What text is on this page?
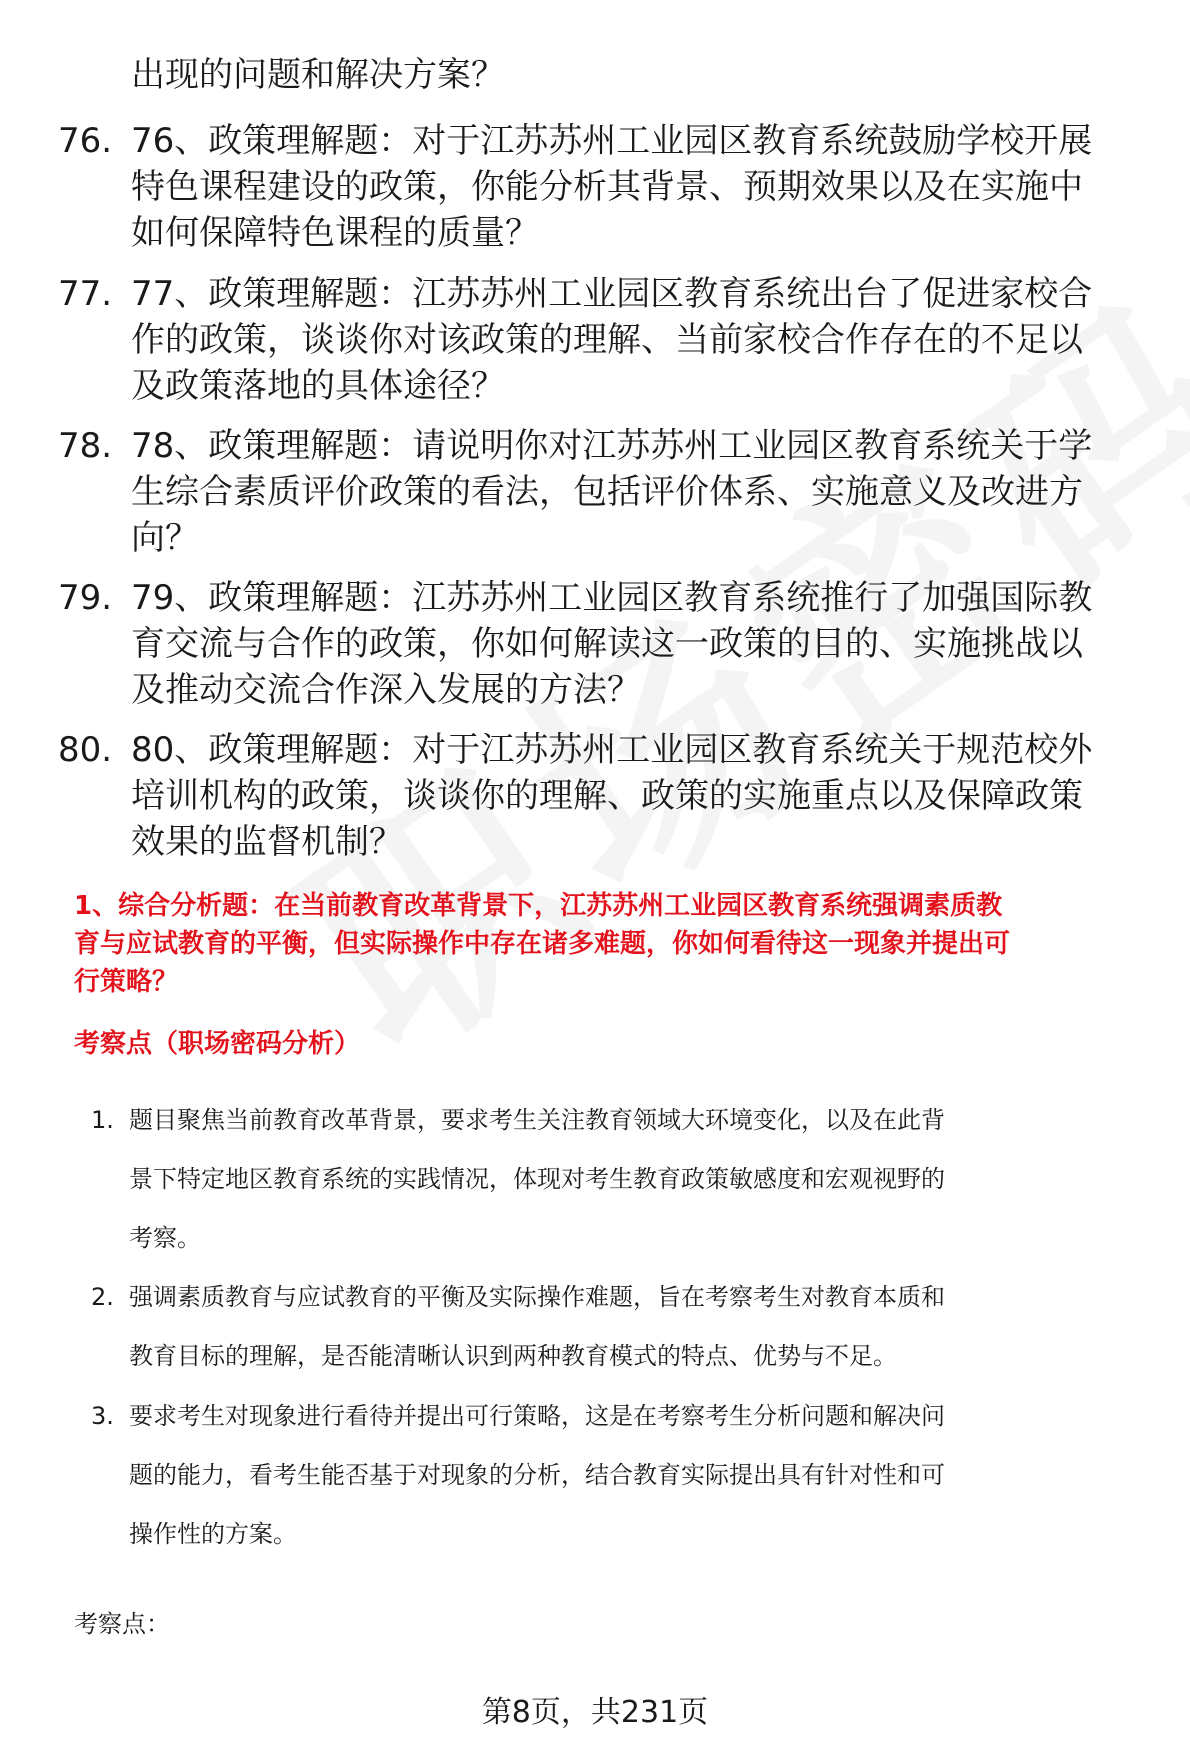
出现的问题和解决方案？
76. 76、政策理解题：对于江苏苏州工业园区教育系统鼓励学校开展
特色课程建设的政策，你能分析其背景、预期效果以及在实施中
如何保障特色课程的质量？
77. 77、政策理解题：江苏苏州工业园区教育系统出台了促进家校合
作的政策，谈谈你对该政策的理解、当前家校合作存在的不足以
及政策落地的具体途径？
78. 78、政策理解题：请说明你对江苏苏州工业园区教育系统关于学
生综合素质评价政策的看法，包括评价体系、实施意义及改进方
向？
79. 79、政策理解题：江苏苏州工业园区教育系统推行了加强国际教
育交流与合作的政策，你如何解读这一政策的目的、实施挑战以
及推动交流合作深入发展的方法？
80. 80、政策理解题：对于江苏苏州工业园区教育系统关于规范校外
培训机构的政策，谈谈你的理解、政策的实施重点以及保障政策
效果的监督机制？
1、综合分析题：在当前教育改革背景下，江苏苏州工业园区教育系统强调素质教
育与应试教育的平衡，但实际操作中存在诸多难题，你如何看待这一现象并提出可
行策略？
考察点（职场密码分析）
1. 题目聚焦当前教育改革背景，要求考生关注教育领域大环境变化，以及在此背
景下特定地区教育系统的实践情况，体现对考生教育政策敏感度和宏观视野的
考察。
2. 强调素质教育与应试教育的平衡及实际操作难题，旨在考察考生对教育本质和
教育目标的理解，是否能清晰认识到两种教育模式的特点、优势与不足。
3. 要求考生对现象进行看待并提出可行策略，这是在考察考生分析问题和解决问
题的能力，看考生能否基于对现象的分析，结合教育实际提出具有针对性和可
操作性的方案。
考察点：
第8页，共231页
